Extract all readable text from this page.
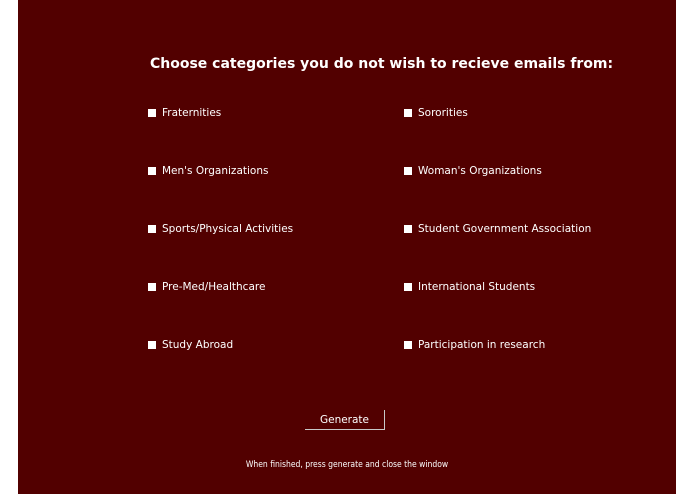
Choose categories you do not wish to recieve emails from:
Fraternities
Men's Organizations
Sports/Physical Activities
Pre-Med/Healthcare
Study Abroad
Sororities
Woman's Organizations
Student Government Association
International Students
Participation in research
Generate
When finished, press generate and close the window
